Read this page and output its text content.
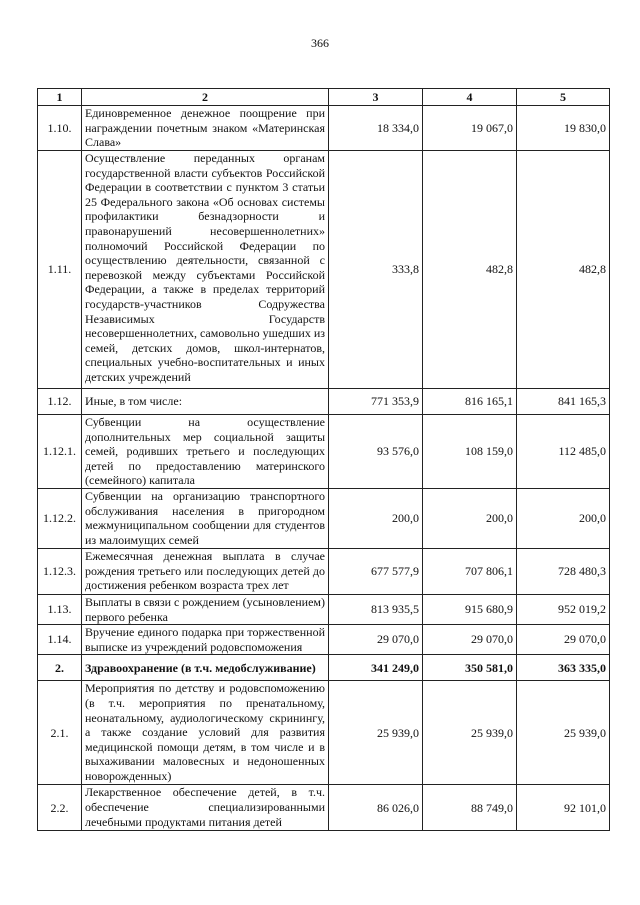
366
1	2	3	4	5
1.10.	Единовременное денежное поощрение при награждении почетным знаком «Материнская Слава»	18 334,0	19 067,0	19 830,0
1.11.	Осуществление переданных органам государственной власти субъектов Российской Федерации в соответствии с пунктом 3 статьи 25 Федерального закона «Об основах системы профилактики безнадзорности и правонарушений несовершеннолетних» полномочий Российской Федерации по осуществлению деятельности, связанной с перевозкой между субъектами Российской Федерации, а также в пределах территорий государств-участников Содружества Независимых Государств несовершеннолетних, самовольно ушедших из семей, детских домов, школ-интернатов, специальных учебно-воспитательных и иных детских учреждений	333,8	482,8	482,8
1.12.	Иные, в том числе:	771 353,9	816 165,1	841 165,3
1.12.1.	Субвенции на осуществление дополнительных мер социальной защиты семей, родивших третьего и последующих детей по предоставлению материнского (семейного) капитала	93 576,0	108 159,0	112 485,0
1.12.2.	Субвенции на организацию транспортного обслуживания населения в пригородном межмуниципальном сообщении для студентов из малоимущих семей	200,0	200,0	200,0
1.12.3.	Ежемесячная денежная выплата в случае рождения третьего или последующих детей до достижения ребенком возраста трех лет	677 577,9	707 806,1	728 480,3
1.13.	Выплаты в связи с рождением (усыновлением) первого ребенка	813 935,5	915 680,9	952 019,2
1.14.	Вручение единого подарка при торжественной выписке из учреждений родовспоможения	29 070,0	29 070,0	29 070,0
2.	Здравоохранение (в т.ч. медобслуживание)	341 249,0	350 581,0	363 335,0
2.1.	Мероприятия по детству и родовспоможению (в т.ч. мероприятия по пренатальному, неонатальному, аудиологическому скринингу, а также создание условий для развития медицинской помощи детям, в том числе и в выхаживании маловесных и недоношенных новорожденных)	25 939,0	25 939,0	25 939,0
2.2.	Лекарственное обеспечение детей, в т.ч. обеспечение специализированными лечебными продуктами питания детей	86 026,0	88 749,0	92 101,0
